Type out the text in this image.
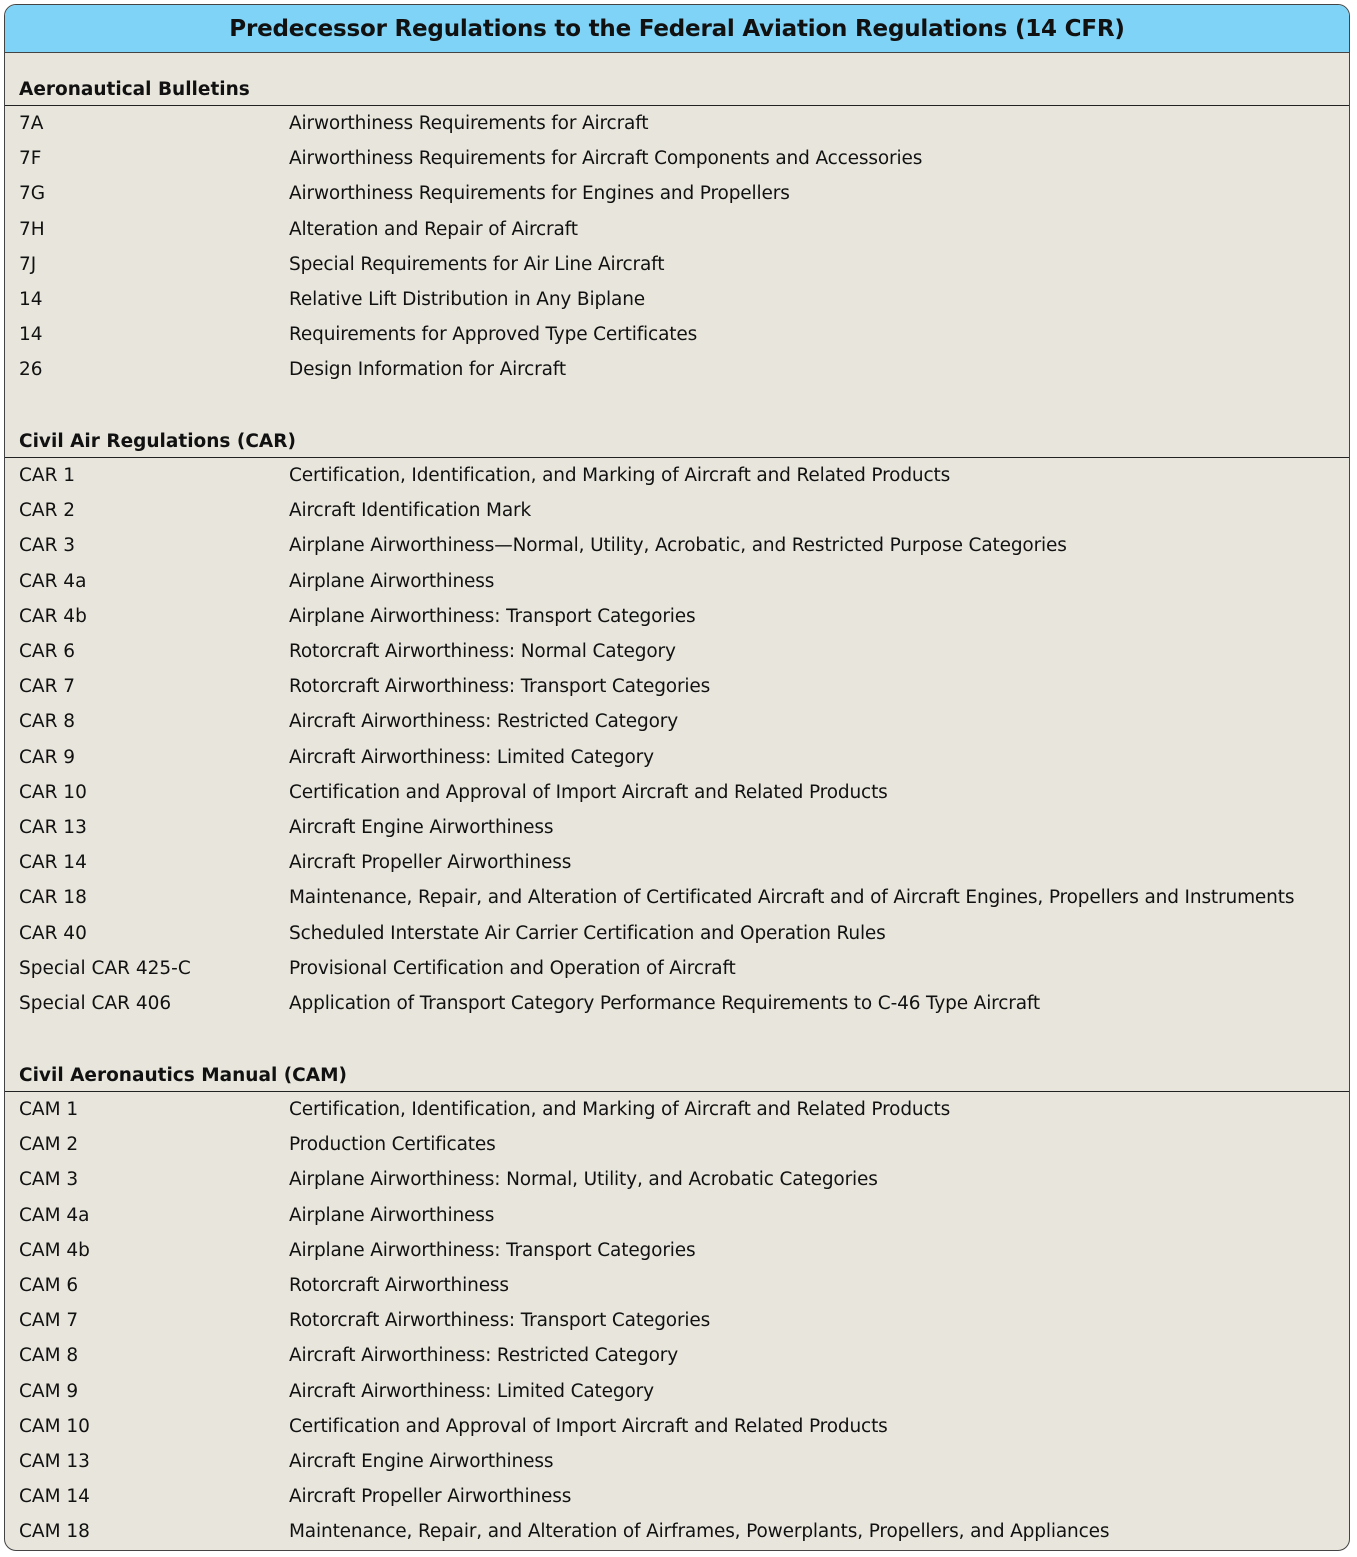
Predecessor Regulations to the Federal Aviation Regulations (14 CFR)
Aeronautical Bulletins
7A	Airworthiness Requirements for Aircraft
7F	Airworthiness Requirements for Aircraft Components and Accessories
7G	Airworthiness Requirements for Engines and Propellers
7H	Alteration and Repair of Aircraft
7J	Special Requirements for Air Line Aircraft
14	Relative Lift Distribution in Any Biplane
14	Requirements for Approved Type Certificates
26	Design Information for Aircraft
Civil Air Regulations (CAR)
CAR 1	Certification, Identification, and Marking of Aircraft and Related Products
CAR 2	Aircraft Identification Mark
CAR 3	Airplane Airworthiness—Normal, Utility, Acrobatic, and Restricted Purpose Categories
CAR 4a	Airplane Airworthiness
CAR 4b	Airplane Airworthiness: Transport Categories
CAR 6	Rotorcraft Airworthiness: Normal Category
CAR 7	Rotorcraft Airworthiness: Transport Categories
CAR 8	Aircraft Airworthiness: Restricted Category
CAR 9	Aircraft Airworthiness: Limited Category
CAR 10	Certification and Approval of Import Aircraft and Related Products
CAR 13	Aircraft Engine Airworthiness
CAR 14	Aircraft Propeller Airworthiness
CAR 18	Maintenance, Repair, and Alteration of Certificated Aircraft and of Aircraft Engines, Propellers and Instruments
CAR 40	Scheduled Interstate Air Carrier Certification and Operation Rules
Special CAR 425-C	Provisional Certification and Operation of Aircraft
Special CAR 406	Application of Transport Category Performance Requirements to C-46 Type Aircraft
Civil Aeronautics Manual (CAM)
CAM 1	Certification, Identification, and Marking of Aircraft and Related Products
CAM 2	Production Certificates
CAM 3	Airplane Airworthiness: Normal, Utility, and Acrobatic Categories
CAM 4a	Airplane Airworthiness
CAM 4b	Airplane Airworthiness: Transport Categories
CAM 6	Rotorcraft Airworthiness
CAM 7	Rotorcraft Airworthiness: Transport Categories
CAM 8	Aircraft Airworthiness: Restricted Category
CAM 9	Aircraft Airworthiness: Limited Category
CAM 10	Certification and Approval of Import Aircraft and Related Products
CAM 13	Aircraft Engine Airworthiness
CAM 14	Aircraft Propeller Airworthiness
CAM 18	Maintenance, Repair, and Alteration of Airframes, Powerplants, Propellers, and Appliances
